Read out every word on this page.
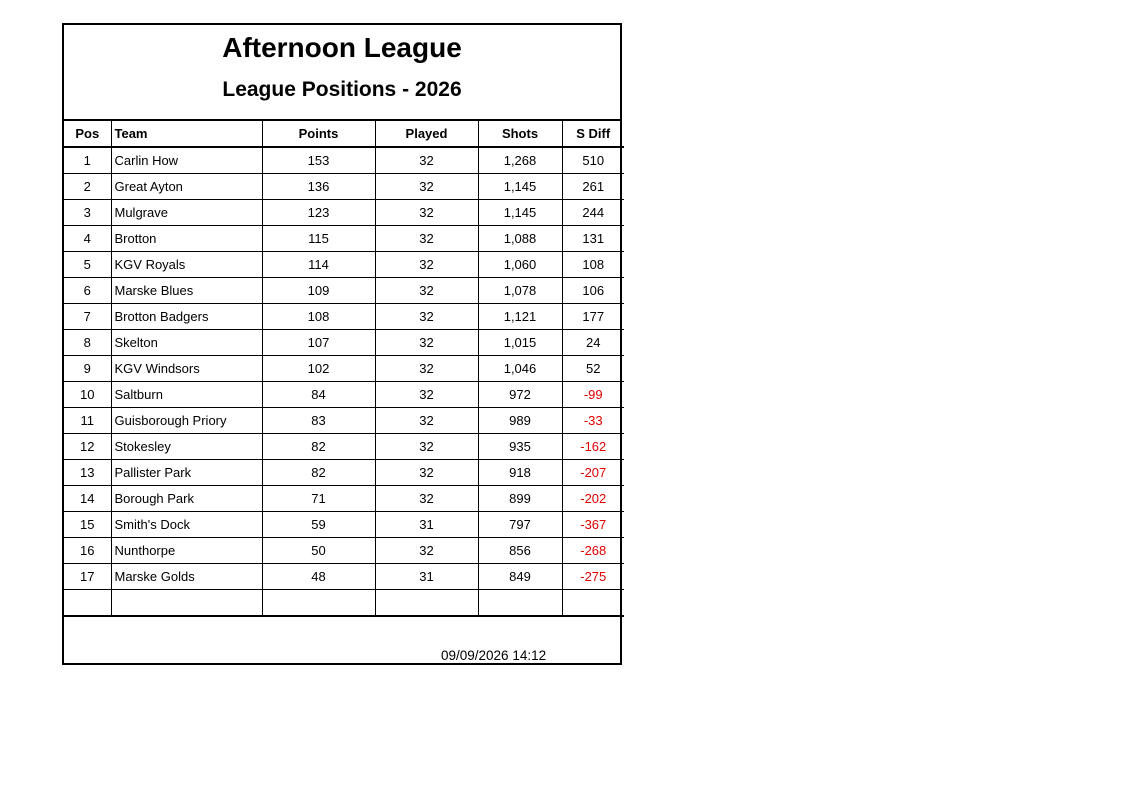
Afternoon League
League Positions - 2026
Pos	Team	Points	Played	Shots	S Diff
1	Carlin How	153	32	1,268	510
2	Great Ayton	136	32	1,145	261
3	Mulgrave	123	32	1,145	244
4	Brotton	115	32	1,088	131
5	KGV Royals	114	32	1,060	108
6	Marske Blues	109	32	1,078	106
7	Brotton Badgers	108	32	1,121	177
8	Skelton	107	32	1,015	24
9	KGV Windsors	102	32	1,046	52
10	Saltburn	84	32	972	-99
11	Guisborough Priory	83	32	989	-33
12	Stokesley	82	32	935	-162
13	Pallister Park	82	32	918	-207
14	Borough Park	71	32	899	-202
15	Smith's Dock	59	31	797	-367
16	Nunthorpe	50	32	856	-268
17	Marske Golds	48	31	849	-275

09/09/2026 14:12
